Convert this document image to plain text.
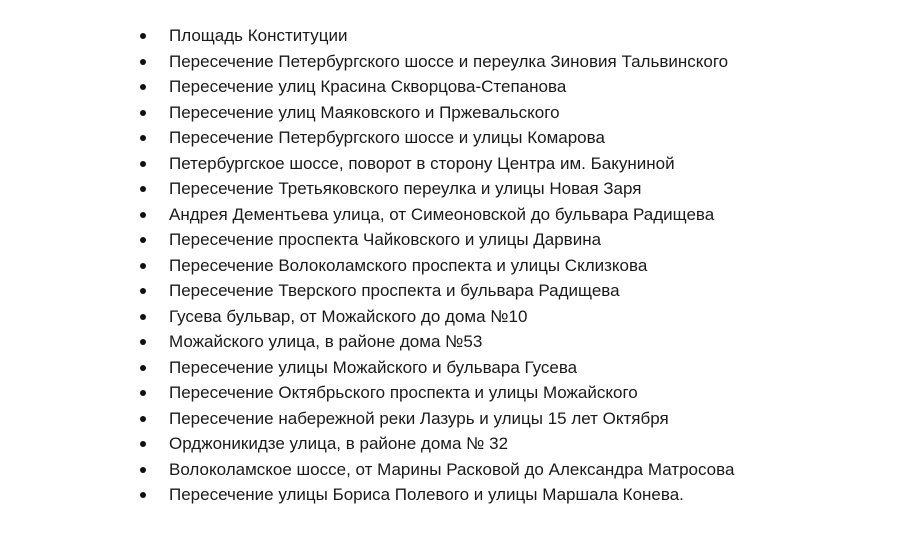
Площадь Конституции
Пересечение Петербургского шоссе и переулка Зиновия Тальвинского
Пересечение улиц Красина Скворцова-Степанова
Пересечение улиц Маяковского и Пржевальского
Пересечение Петербургского шоссе и улицы Комарова
Петербургское шоссе, поворот в сторону Центра им. Бакуниной
Пересечение Третьяковского переулка и улицы Новая Заря
Андрея Дементьева улица, от Симеоновской до бульвара Радищева
Пересечение проспекта Чайковского и улицы Дарвина
Пересечение Волоколамского проспекта и улицы Склизкова
Пересечение Тверского проспекта и бульвара Радищева
Гусева бульвар, от Можайского до дома №10
Можайского улица, в районе дома №53
Пересечение улицы Можайского и бульвара Гусева
Пересечение Октябрьского проспекта и улицы Можайского
Пересечение набережной реки Лазурь и улицы 15 лет Октября
Орджоникидзе улица, в районе дома № 32
Волоколамское шоссе, от Марины Расковой до Александра Матросова
Пересечение улицы Бориса Полевого и улицы Маршала Конева.
